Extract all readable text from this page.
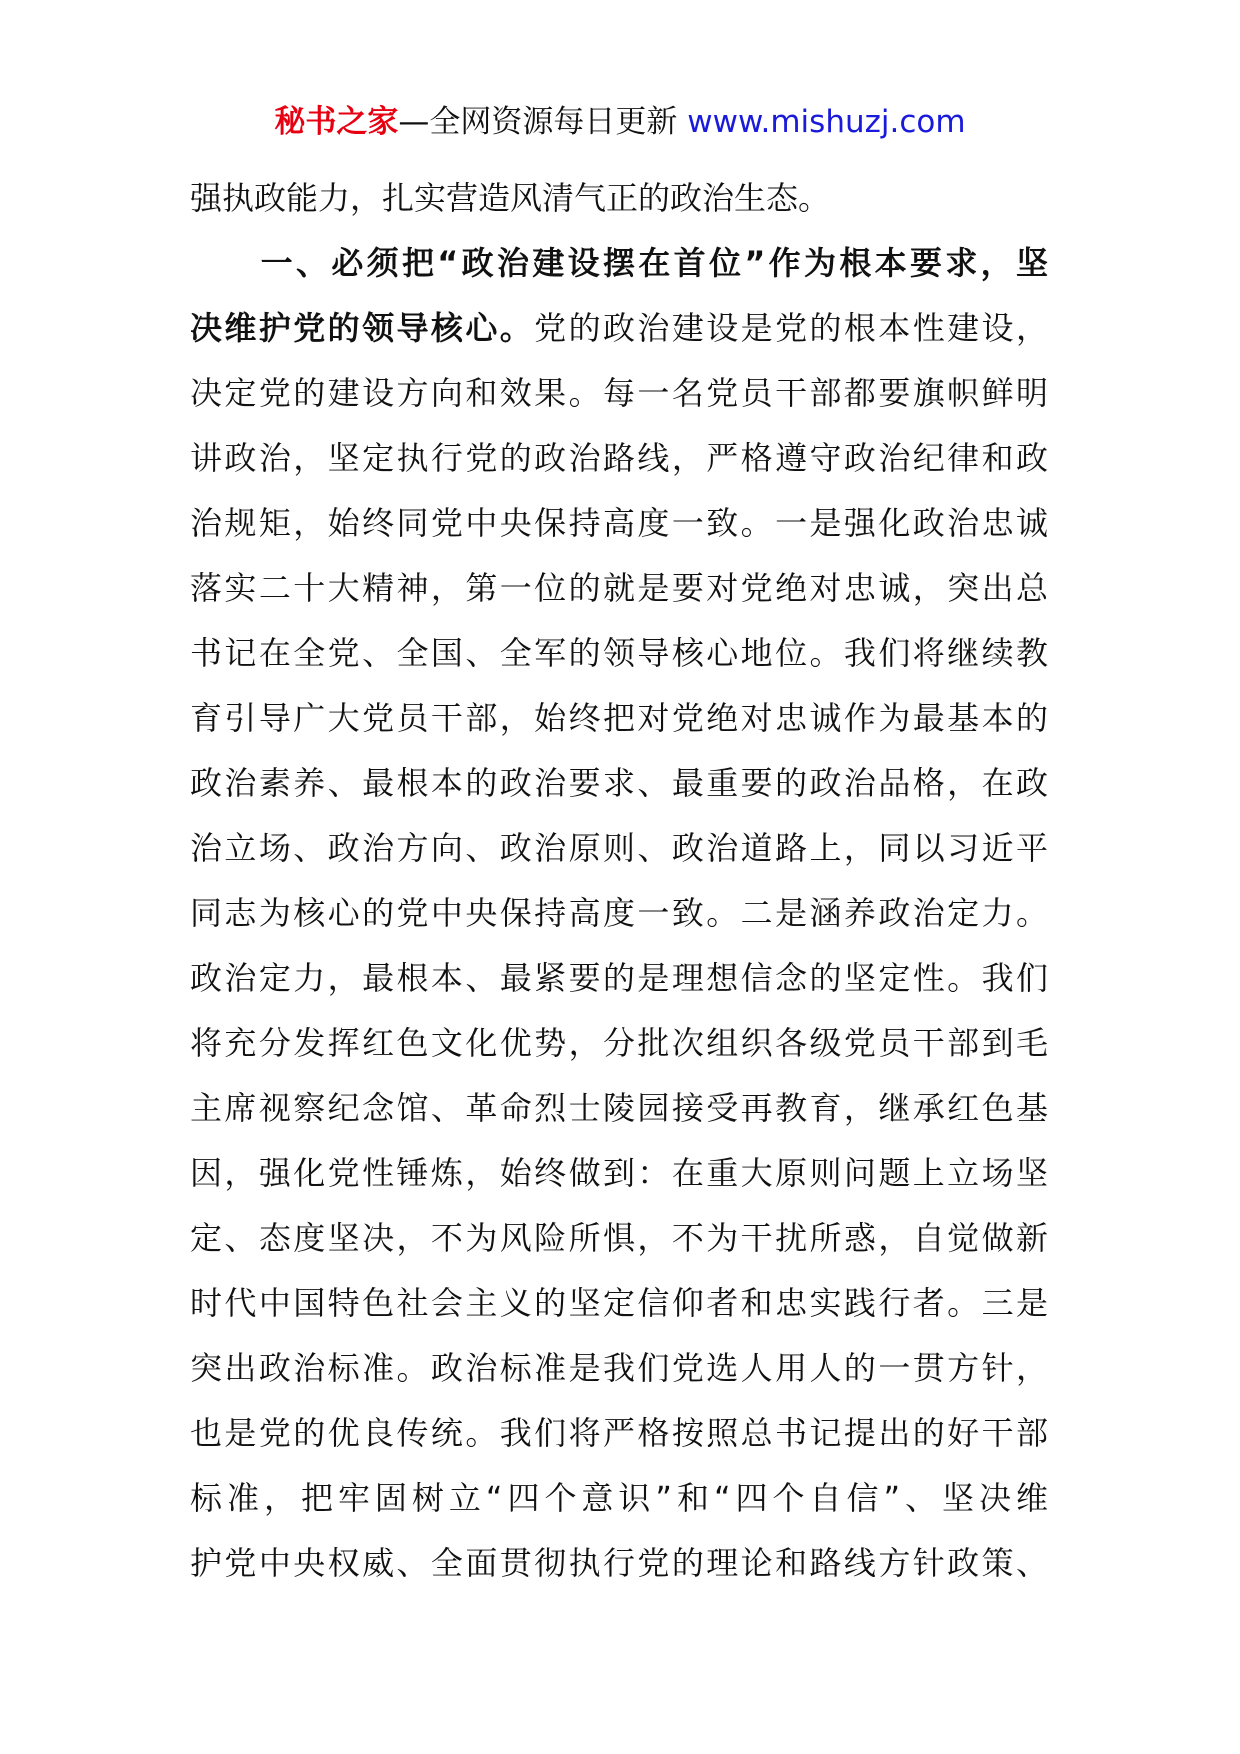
秘书之家—全网资源每日更新 www.mishuzj.com
强执政能力，扎实营造风清气正的政治生态。
　　一、必须把“政治建设摆在首位”作为根本要求，坚
决维护党的领导核心。党的政治建设是党的根本性建设，
决定党的建设方向和效果。每一名党员干部都要旗帜鲜明
讲政治，坚定执行党的政治路线，严格遵守政治纪律和政
治规矩，始终同党中央保持高度一致。一是强化政治忠诚
落实二十大精神，第一位的就是要对党绝对忠诚，突出总
书记在全党、全国、全军的领导核心地位。我们将继续教
育引导广大党员干部，始终把对党绝对忠诚作为最基本的
政治素养、最根本的政治要求、最重要的政治品格，在政
治立场、政治方向、政治原则、政治道路上，同以习近平
同志为核心的党中央保持高度一致。二是涵养政治定力。
政治定力，最根本、最紧要的是理想信念的坚定性。我们
将充分发挥红色文化优势，分批次组织各级党员干部到毛
主席视察纪念馆、革命烈士陵园接受再教育，继承红色基
因，强化党性锤炼，始终做到：在重大原则问题上立场坚
定、态度坚决，不为风险所惧，不为干扰所惑，自觉做新
时代中国特色社会主义的坚定信仰者和忠实践行者。三是
突出政治标准。政治标准是我们党选人用人的一贯方针，
也是党的优良传统。我们将严格按照总书记提出的好干部
标准，把牢固树立“四个意识”和“四个自信”、坚决维
护党中央权威、全面贯彻执行党的理论和路线方针政策、
